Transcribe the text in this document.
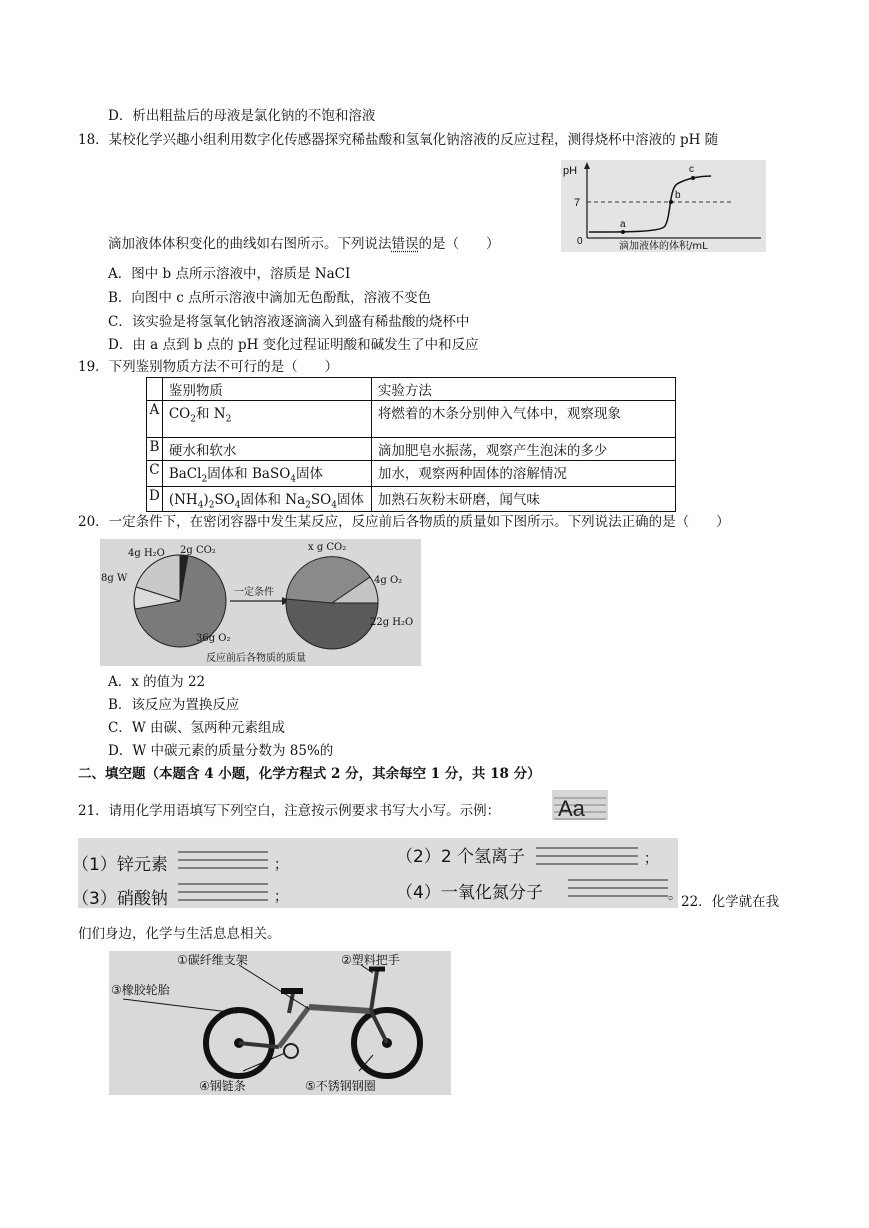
D．析出粗盐后的母液是氯化钠的不饱和溶液
18．某校化学兴趣小组利用数字化传感器探究稀盐酸和氢氧化钠溶液的反应过程，测得烧杯中溶液的 pH 随
pH
7
0
a
b
c
滴加液体的体积/mL
滴加液体体积变化的曲线如右图所示。下列说法错误的是（　　）
A．图中 b 点所示溶液中，溶质是 NaCI
B．向图中 c 点所示溶液中滴加无色酚酞，溶液不变色
C．该实验是将氢氧化钠溶液逐滴滴入到盛有稀盐酸的烧杯中
D．由 a 点到 b 点的 pH 变化过程证明酸和碱发生了中和反应
19．下列鉴别物质方法不可行的是（　　）
	鉴别物质	实验方法
A	$CO_2$和 $N_2$	将燃着的木条分别伸入气体中，观察现象
B	硬水和软水	滴加肥皂水振荡，观察产生泡沫的多少
C	BaCl$_2$固体和 BaSO$_4$固体	加水，观察两种固体的溶解情况
D	$(NH_4)_2SO_4$固体和 $Na_2SO_4$固体	加熟石灰粉末研磨，闻气味
20．一定条件下，在密闭容器中发生某反应，反应前后各物质的质量如下图所示。下列说法正确的是（　　）
4g H₂O 2g CO₂
8g W
36g O₂
一定条件
x g CO₂
4g O₂
22g H₂O
反应前后各物质的质量
A．x 的值为 22
B．该反应为置换反应
C．W 由碳、氢两种元素组成
D．W 中碳元素的质量分数为 85%的
二、填空题（本题含 4 小题，化学方程式 2 分，其余每空 1 分，共 18 分）
21．请用化学用语填写下列空白，注意按示例要求书写大小写。示例：	Aa
（1）锌元素	；	（2）2 个氢离子	；
（3）硝酸钠	；	（4）一氧化氮分子	。 22．化学就在我
们们身边，化学与生活息息相关。
①碳纤维支架	②塑料把手
③橡胶轮胎
④钢链条	⑤不锈钢钢圈
